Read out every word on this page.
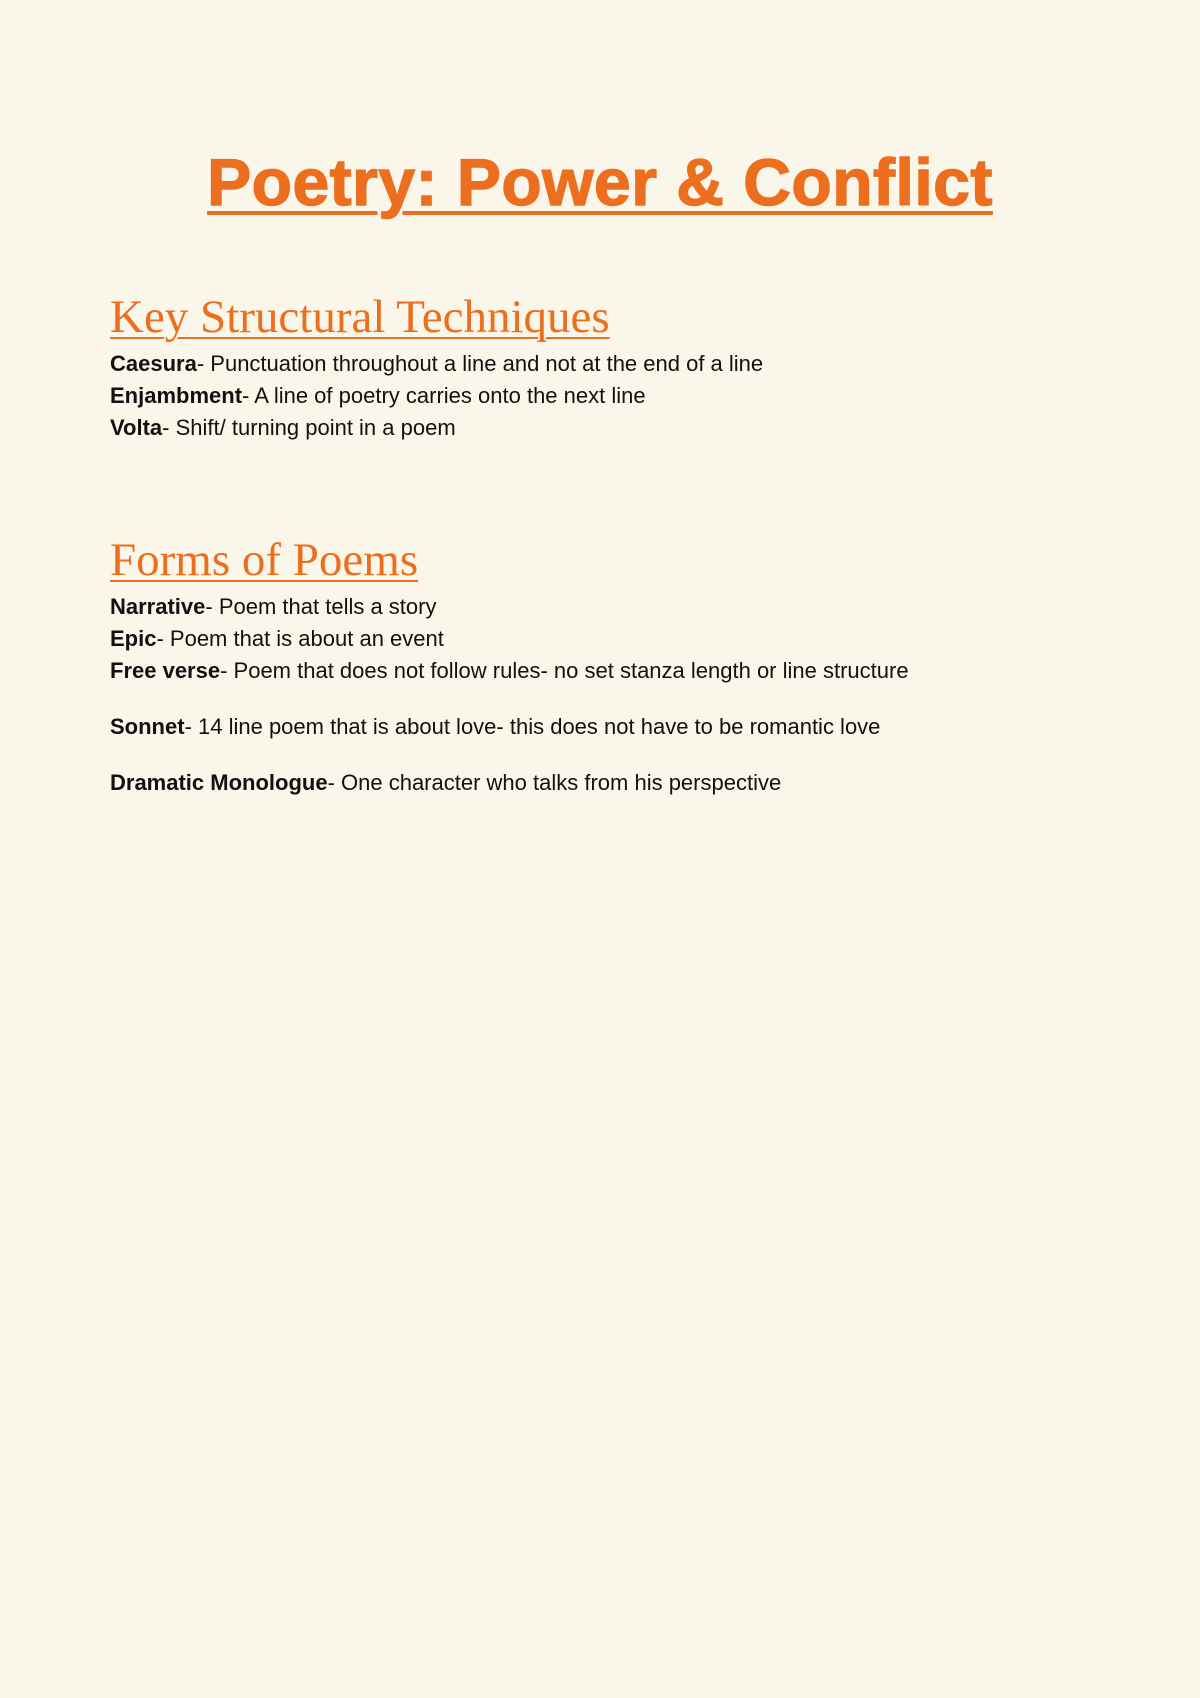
Poetry: Power & Conflict
Key Structural Techniques
Caesura- Punctuation throughout a line and not at the end of a line
Enjambment- A line of poetry carries onto the next line
Volta- Shift/ turning point in a poem
Forms of Poems
Narrative- Poem that tells a story
Epic- Poem that is about an event
Free verse- Poem that does not follow rules- no set stanza length or line structure
Sonnet- 14 line poem that is about love- this does not have to be romantic love
Dramatic Monologue- One character who talks from his perspective
